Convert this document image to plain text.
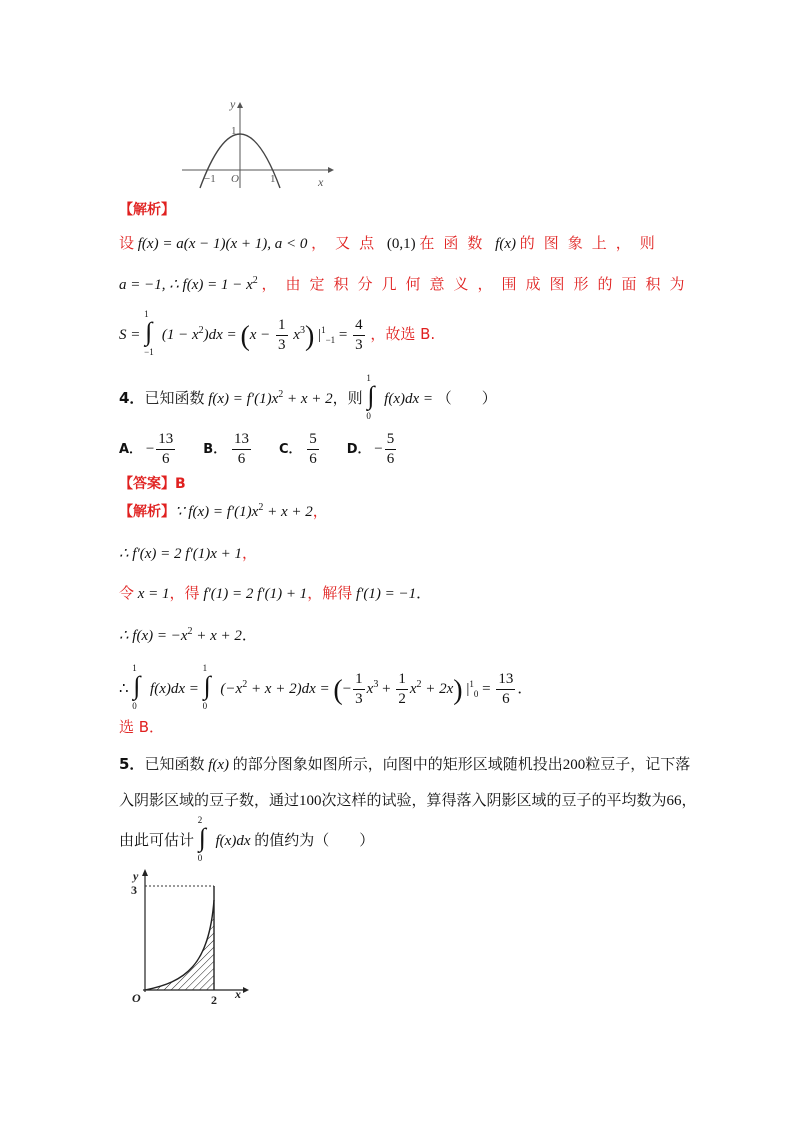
y
1
−1 O	1	x
【解析】
设 f(x) = a(x − 1)(x + 1), a < 0 ，又点 (0,1) 在函数 f(x) 的图象上，则
a = −1, ∴ $f(x) = 1 - x^2$ ，由定积分几何意义，围成图形的面积为
S = ∫
1
−1
$(1 - x^2)dx = (x - \frac{1}{3} x^3)$ $|^1_{-1} = \frac{4}{3}$ ，故选 B.
4．已知函数 $f(x) = f'(1)x^2 + x + 2$，则 ∫
1
0
f(x)dx = （　　）
A． − $\frac{13}{6}$ B． $\frac{13}{6}$ C． $\frac{5}{6}$ D． − $\frac{5}{6}$
【答案】B
【解析】∵ $f(x) = f'(1)x^2 + x + 2$，
∴ f′(x) = 2 f′(1)x + 1，
令 x = 1，得 f′(1) = 2 f′(1) + 1，解得 f′(1) = −1．
∴ $f(x) = -x^2 + x + 2$．
∴ ∫
1
0
f(x)dx = ∫
1
0
$(-x^2 + x + 2)dx$ = (− $\frac{1}{3} x^3 + \frac{1}{2} x^2 + 2x$) $|^1_0 = \frac{13}{6}$ ．
选 B．
5．已知函数 f(x) 的部分图象如图所示，向图中的矩形区域随机投出200粒豆子，记下落
入阴影区域的豆子数，通过100次这样的试验，算得落入阴影区域的豆子的平均数为66，
由此可估计 ∫
2
0
f(x)dx 的值约为（　　）
y
3
O	2 x
